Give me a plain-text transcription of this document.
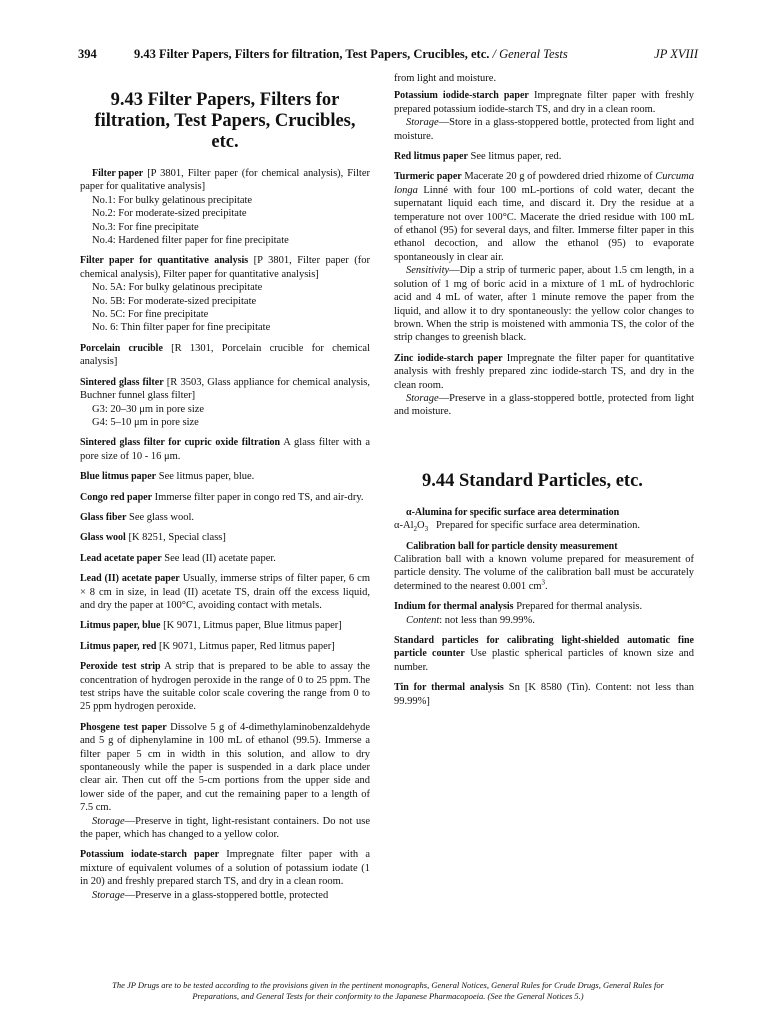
394	9.43 Filter Papers, Filters for filtration, Test Papers, Crucibles, etc. / General Tests	JP XVIII
9.43 Filter Papers, Filters for filtration, Test Papers, Crucibles, etc.

Filter paper [P 3801, Filter paper (for chemical analysis), Filter paper for qualitative analysis]

No.1: For bulky gelatinous precipitate
No.2: For moderate-sized precipitate
No.3: For fine precipitate
No.4: Hardened filter paper for fine precipitate

Filter paper for quantitative analysis [P 3801, Filter paper (for chemical analysis), Filter paper for quantitative analysis]

No. 5A: For bulky gelatinous precipitate
No. 5B: For moderate-sized precipitate
No. 5C: For fine precipitate
No. 6: Thin filter paper for fine precipitate

Porcelain crucible [R 1301, Porcelain crucible for chemical analysis]

Sintered glass filter [R 3503, Glass appliance for chemical analysis, Buchner funnel glass filter]

G3: 20–30 μm in pore size
G4: 5–10 μm in pore size

Sintered glass filter for cupric oxide filtration A glass filter with a pore size of 10 - 16 μm.

Blue litmus paper See litmus paper, blue.

Congo red paper Immerse filter paper in congo red TS, and air-dry.

Glass fiber See glass wool.

Glass wool [K 8251, Special class]

Lead acetate paper See lead (II) acetate paper.

Lead (II) acetate paper Usually, immerse strips of filter paper, 6 cm × 8 cm in size, in lead (II) acetate TS, drain off the excess liquid, and dry the paper at 100°C, avoiding contact with metals.

Litmus paper, blue [K 9071, Litmus paper, Blue litmus paper]

Litmus paper, red [K 9071, Litmus paper, Red litmus paper]

Peroxide test strip A strip that is prepared to be able to assay the concentration of hydrogen peroxide in the range of 0 to 25 ppm. The test strips have the suitable color scale covering the range from 0 to 25 ppm hydrogen peroxide.

Phosgene test paper Dissolve 5 g of 4-dimethylaminobenzaldehyde and 5 g of diphenylamine in 100 mL of ethanol (99.5). Immerse a filter paper 5 cm in width in this solution, and allow to dry spontaneously while the paper is suspended in a dark place under clear air. Then cut off the 5-cm portions from the upper side and lower side of the paper, and cut the remaining paper to a length of 7.5 cm.

Storage—Preserve in tight, light-resistant containers. Do not use the paper, which has changed to a yellow color.

Potassium iodate-starch paper Impregnate filter paper with a mixture of equivalent volumes of a solution of potassium iodate (1 in 20) and freshly prepared starch TS, and dry in a clean room.

Storage—Preserve in a glass-stoppered bottle, protected

from light and moisture.

Potassium iodide-starch paper Impregnate filter paper with freshly prepared potassium iodide-starch TS, and dry in a clean room.

Storage—Store in a glass-stoppered bottle, protected from light and moisture.

Red litmus paper See litmus paper, red.

Turmeric paper Macerate 20 g of powdered dried rhizome of Curcuma longa Linné with four 100 mL-portions of cold water, decant the supernatant liquid each time, and discard it. Dry the residue at a temperature not over 100°C. Macerate the dried residue with 100 mL of ethanol (95) for several days, and filter. Immerse filter paper in this ethanol decoction, and allow the ethanol (95) to evaporate spontaneously in clear air.

Sensitivity—Dip a strip of turmeric paper, about 1.5 cm length, in a solution of 1 mg of boric acid in a mixture of 1 mL of hydrochloric acid and 4 mL of water, after 1 minute remove the paper from the liquid, and allow it to dry spontaneously: the yellow color changes to brown. When the strip is moistened with ammonia TS, the color of the strip changes to greenish black.

Zinc iodide-starch paper Impregnate the filter paper for quantitative analysis with freshly prepared zinc iodide-starch TS, and dry in the clean room.

Storage—Preserve in a glass-stoppered bottle, protected from light and moisture.

9.44 Standard Particles, etc.

α-Alumina for specific surface area determination

$\alpha-Al_2O_3$ Prepared for specific surface area determination.

Calibration ball for particle density measurement

Calibration ball with a known volume prepared for measurement of particle density. The volume of the calibration ball must be accurately determined to the nearest 0.001 $cm^3$.

Indium for thermal analysis Prepared for thermal analysis.

Content: not less than 99.99%.

Standard particles for calibrating light-shielded automatic fine particle counter Use plastic spherical particles of known size and number.

Tin for thermal analysis Sn [K 8580 (Tin). Content: not less than 99.99%]

The JP Drugs are to be tested according to the provisions given in the pertinent monographs, General Notices, General Rules for Crude Drugs, General Rules for Preparations, and General Tests for their conformity to the Japanese Pharmacopoeia. (See the General Notices 5.)
